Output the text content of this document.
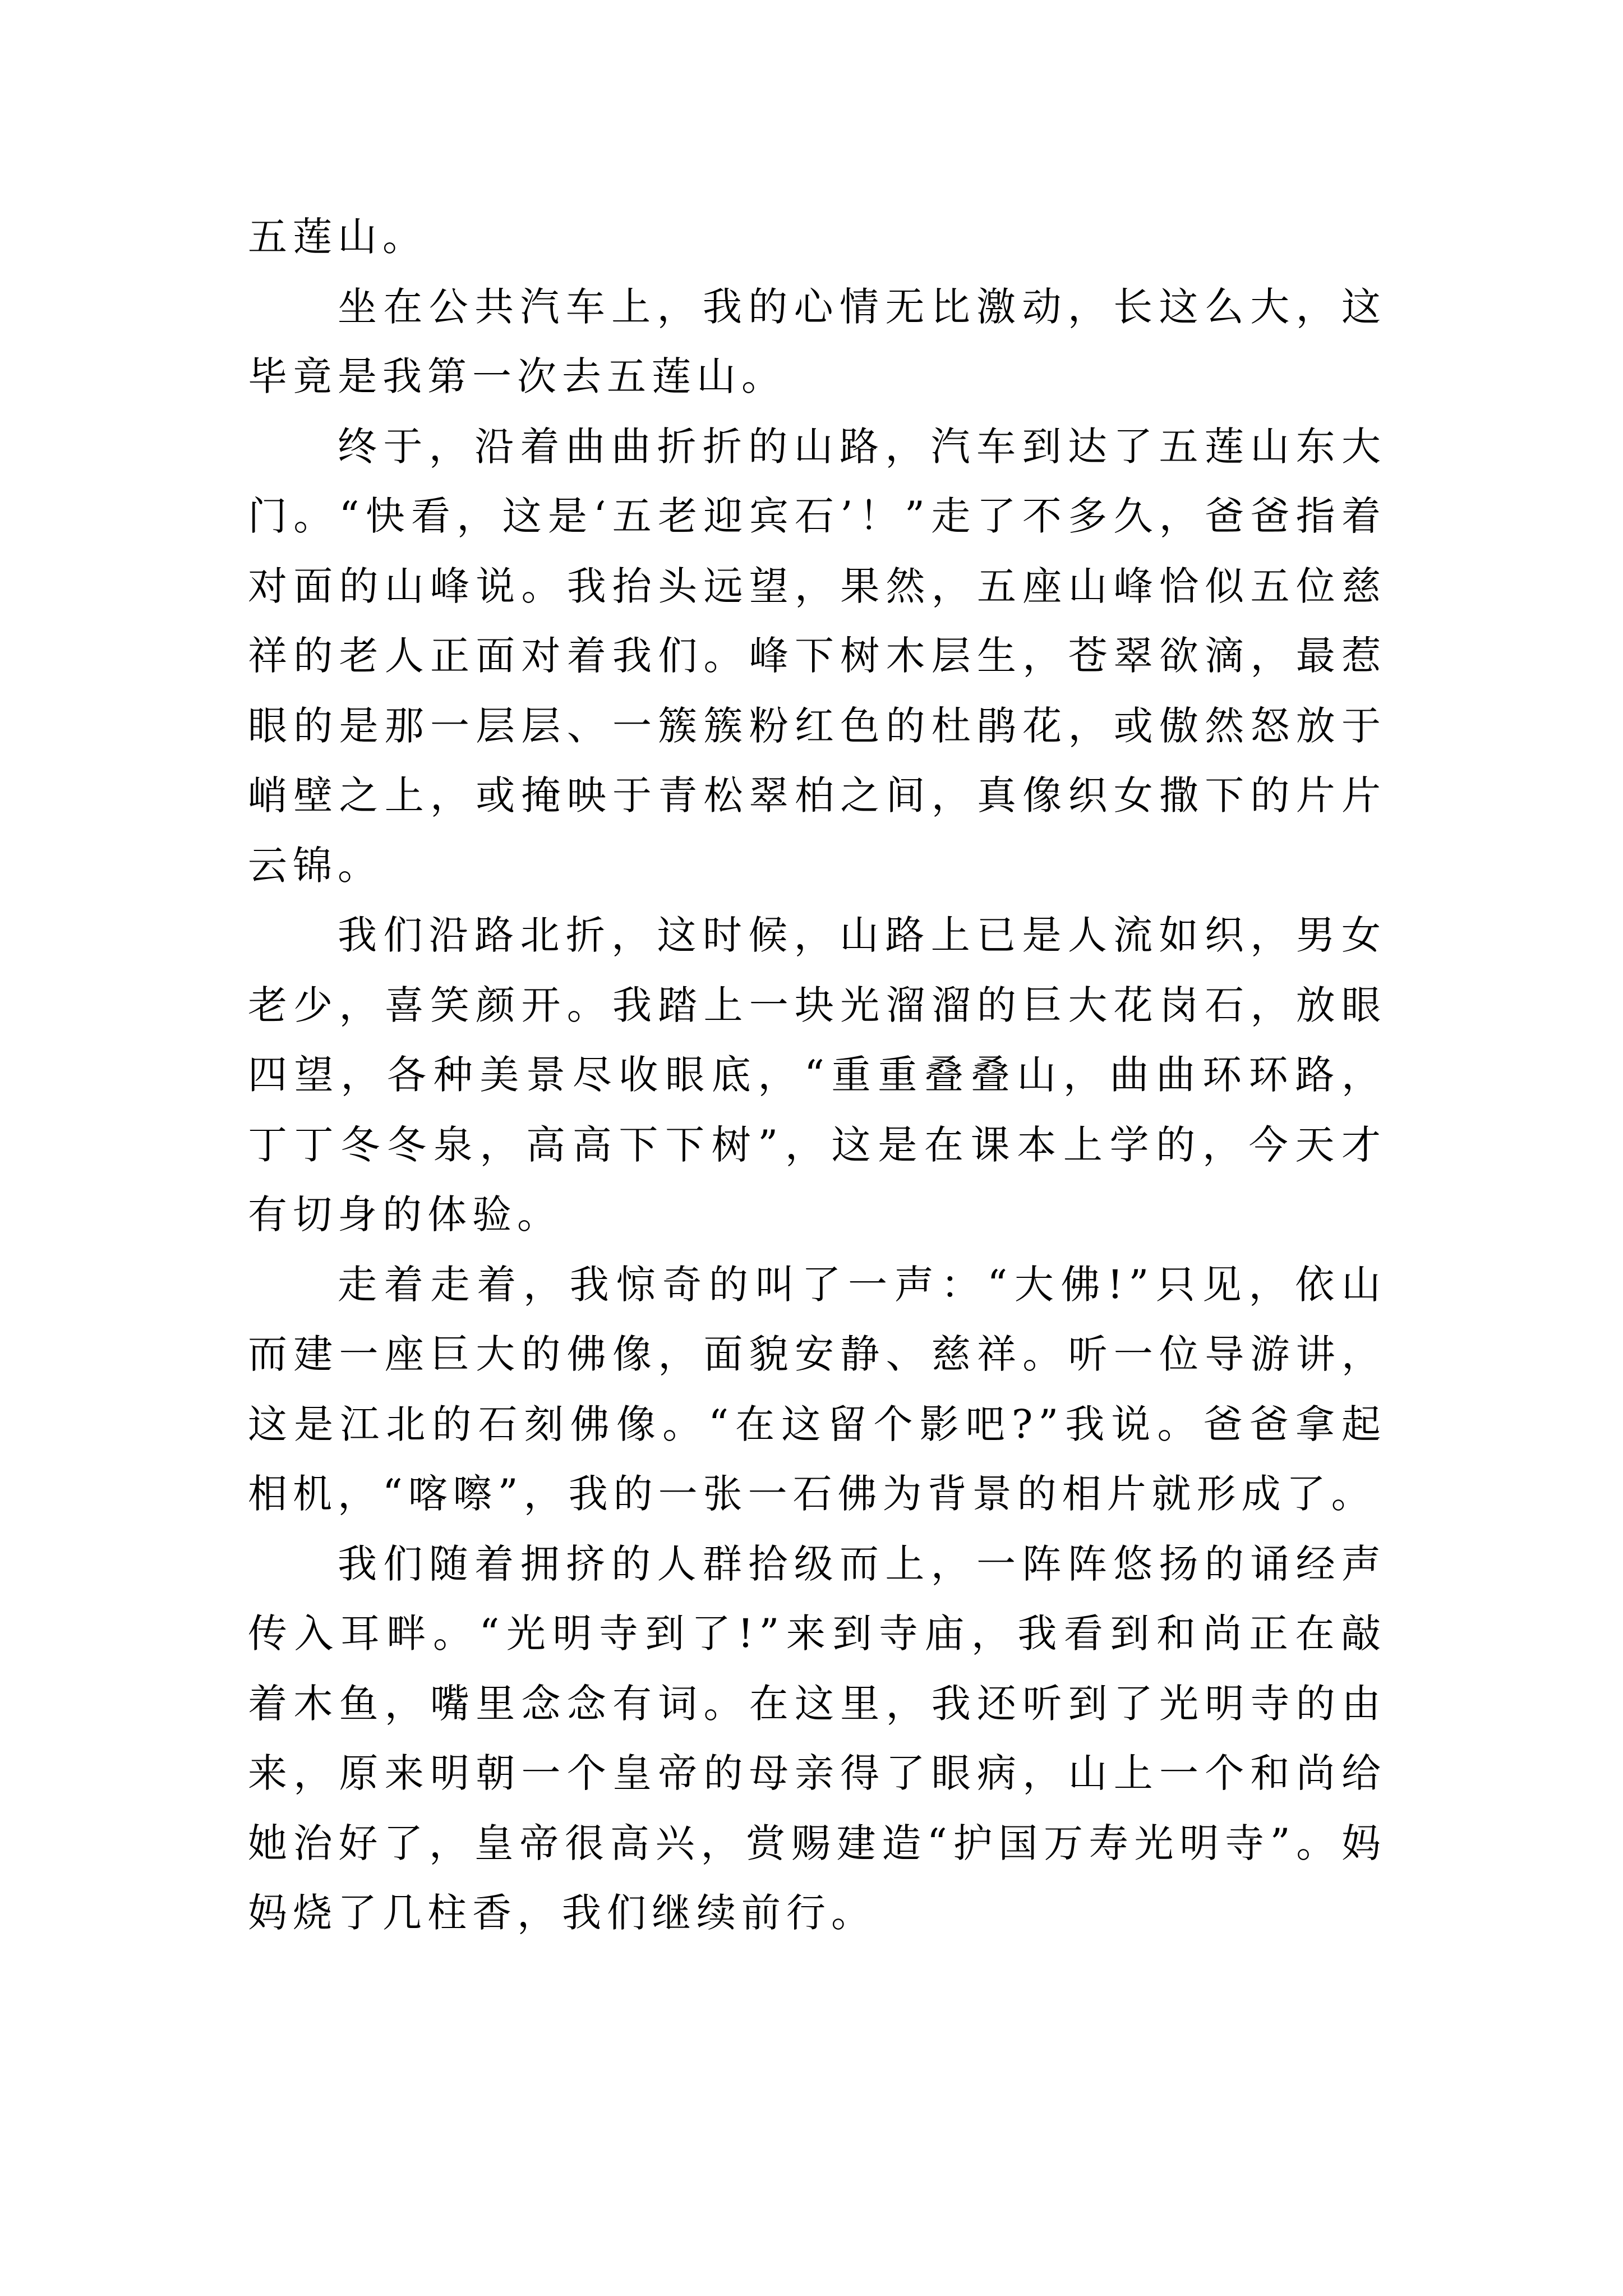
五莲山。

坐在公共汽车上，我的心情无比激动，长这么大，这毕竟是我第一次去五莲山。

终于，沿着曲曲折折的山路，汽车到达了五莲山东大门。“快看，这是‘五老迎宾石’！”走了不多久，爸爸指着对面的山峰说。我抬头远望，果然，五座山峰恰似五位慈祥的老人正面对着我们。峰下树木层生，苍翠欲滴，最惹眼的是那一层层、一簇簇粉红色的杜鹃花，或傲然怒放于峭壁之上，或掩映于青松翠柏之间，真像织女撒下的片片云锦。

我们沿路北折，这时候，山路上已是人流如织，男女老少，喜笑颜开。我踏上一块光溜溜的巨大花岗石，放眼四望，各种美景尽收眼底，“重重叠叠山，曲曲环环路，丁丁冬冬泉，高高下下树”，这是在课本上学的，今天才有切身的体验。

走着走着，我惊奇的叫了一声：“大佛!”只见，依山而建一座巨大的佛像，面貌安静、慈祥。听一位导游讲，这是江北的石刻佛像。“在这留个影吧?”我说。爸爸拿起相机，“喀嚓”，我的一张一石佛为背景的相片就形成了。

我们随着拥挤的人群拾级而上，一阵阵悠扬的诵经声传入耳畔。“光明寺到了!”来到寺庙，我看到和尚正在敲着木鱼，嘴里念念有词。在这里，我还听到了光明寺的由来，原来明朝一个皇帝的母亲得了眼病，山上一个和尚给她治好了，皇帝很高兴，赏赐建造“护国万寿光明寺”。妈妈烧了几柱香，我们继续前行。
